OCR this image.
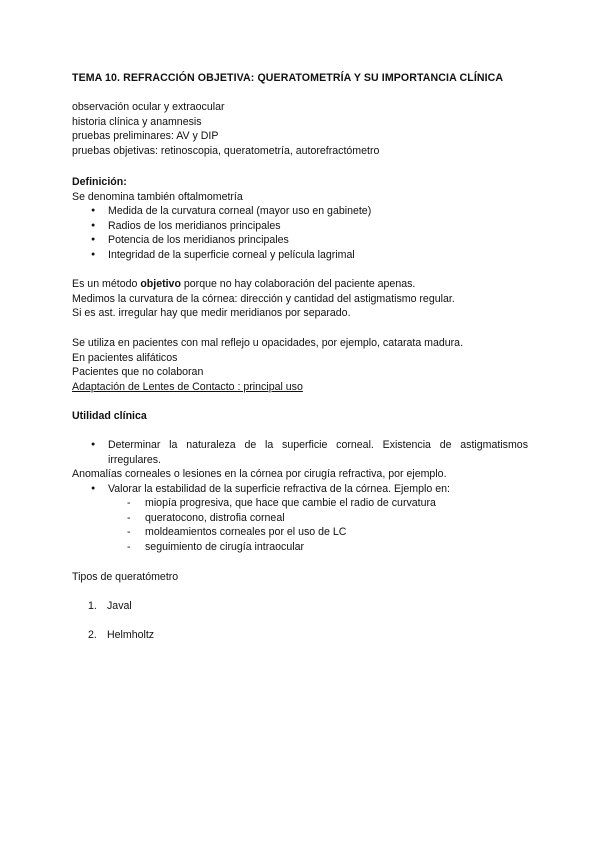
TEMA 10. REFRACCIÓN OBJETIVA: QUERATOMETRÍA Y SU IMPORTANCIA CLÍNICA
observación ocular y extraocular
historia clínica y anamnesis
pruebas preliminares: AV y DIP
pruebas objetivas: retinoscopia, queratometría, autorefractómetro
Definición:
Se denomina también oftalmometría
● Medida de la curvatura corneal (mayor uso en gabinete)
● Radios de los meridianos principales
● Potencia de los meridianos principales
● Integridad de la superficie corneal y película lagrimal
Es un método objetivo porque no hay colaboración del paciente apenas.
Medimos la curvatura de la córnea: dirección y cantidad del astigmatismo regular.
Si es ast. irregular hay que medir meridianos por separado.
Se utiliza en pacientes con mal reflejo u opacidades, por ejemplo, catarata madura.
En pacientes alifáticos
Pacientes que no colaboran
Adaptación de Lentes de Contacto : principal uso
Utilidad clínica
● Determinar la naturaleza de la superficie corneal. Existencia de astigmatismos irregulares.
Anomalías corneales o lesiones en la córnea por cirugía refractiva, por ejemplo.
● Valorar la estabilidad de la superficie refractiva de la córnea. Ejemplo en:
- miopía progresiva, que hace que cambie el radio de curvatura
- queratocono, distrofia corneal
- moldeamientos corneales por el uso de LC
- seguimiento de cirugía intraocular
Tipos de queratómetro
1. Javal
2. Helmholtz
